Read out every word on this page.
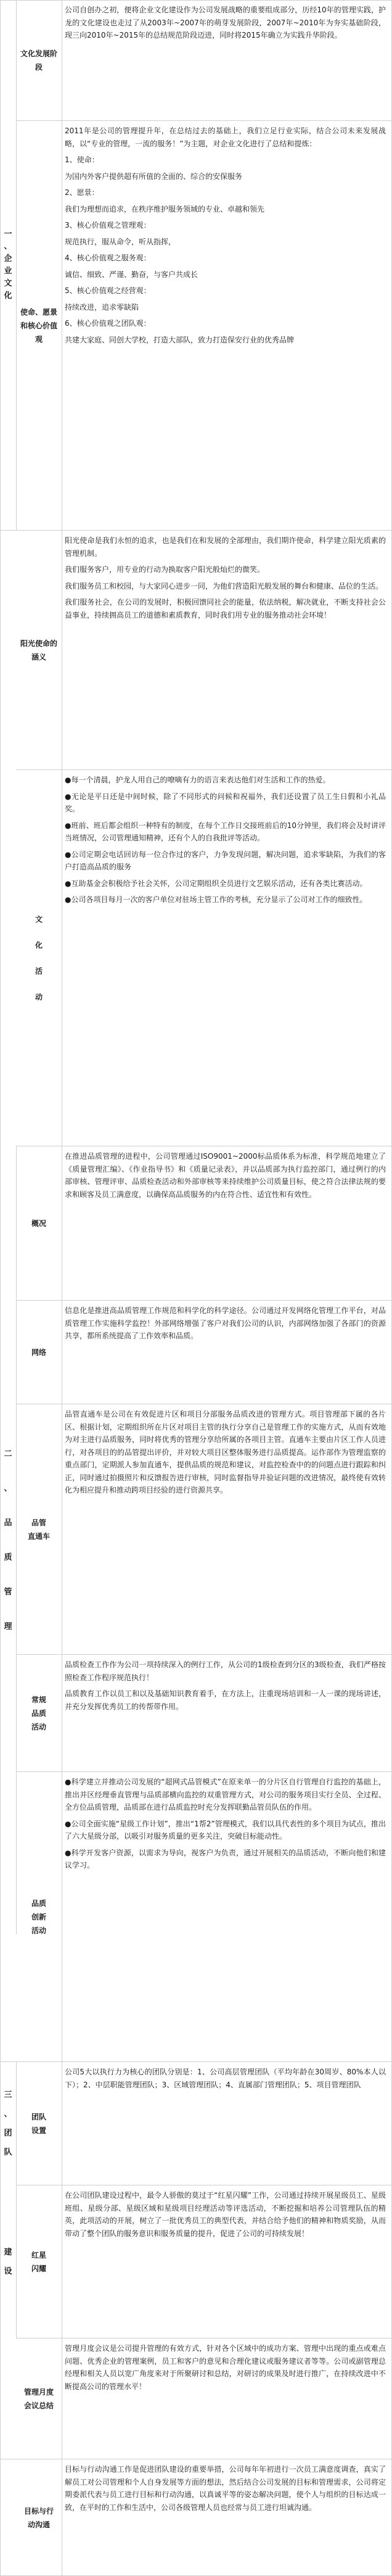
一
、
企
业
文
化
二
、
品
质
管
理
文化发展阶段

公司自创办之初，便将企业文化建设作为公司发展战略的重要组成部分，历经10年的管理实践，护龙的文化建设也走过了从2003年~2007年的萌芽发展阶段，2007年~2010年为夯实基础阶段，现三向2010年~2015年的总结规范阶段迈进，同时将2015年确立为实践升华阶段。

使命、愿景和核心价值观

2011年是公司的管理提升年，在总结过去的基础上，我们立足行业实际，结合公司未来发展战略，以“专业的管理，一流的服务！”为主题，对企业文化进行了总结和提炼：

1、使命：

为国内外客户提供超有所值的全面的、综合的安保服务

2、愿景：

我们为理想而追求，在秩序维护服务领域的专业、卓越和领先

3、核心价值观之管理观：

规范执行，服从命令，听从指挥，

4、核心价值观之服务观：

诚信、细致、严谨、勤奋，与客户共成长

5、核心价值观之经营观：

持续改进，追求零缺陷

6、核心价值观之团队观：

共建大家庭、同创大学校，打造大部队，致力打造保安行业的优秀品牌

阳光使命的涵义

阳光使命是我们永恒的追求，也是我们在和发展的全部理由，我们期许使命，科学建立阳光质素的管理机制。

我们服务客户，用专业的行动为换取客户阳光般灿烂的微笑。

我们服务员工和校园，与大家同心进步一同，为他们营造阳光般发展的舞台和健康、品位的生活。

我们服务社会，在公司的发展时，积极回馈同社会的能量，依法纳税，解决就业，不断支持社会公益事业，持续拥高员工的道德和素质教育，同时我们用专业的服务推动社会环境！

文
化
活
动

●每一个清晨，护龙人用自己的嘹嘀有力的语言来表达他们对生活和工作的热爱。

●无论是平日还是中间时候，除了不同形式的问候和祝福外，我们还设置了员工生日假和小礼品奖。

●班前、班后都会组织一种特有的制度，在每个工作日交接班前后的10分钟里，我们将会及时讲评当班情况，公司管理通知精神，还有个人的自我批评等活动。

●公司定期会电话回访每一位合作过的客户，力争发现问题，解决问题，追求零缺陷，为我们的客户打造高品质的服务

●互助基金会积极给予社会关怀，公司定期组织全员进行文艺娱乐活动，还有各类比赛活动。

●公司各项目每月一次的客户单位对驻场主管工作的考核，充分显示了公司对工作的细致性。

概况

在推进品质管理的进程中，公司管理通过ISO9001~2000标品质体系为标准，科学规范地建立了《质量管理汇编》、《作业指导书》和《质量记录表》，并以品质部为执行监控部门，通过例行的内部审核、管理评审、品质检查活动和外部审核等来持续维护公司质量目标，使之符合法律法规的要求和顾客及员工满意度，以确保高品质服务的内在符合性、适宜性和有效性。

网络

信息化是推进高品质管理工作规范和科学化的科学途径。公司通过开发网络化管理工作平台，对品质管理工作实施科学监控！外部网络增强了客户对我们公司的认识，内部网络加强了各部门的资源共享，都所系统提高了工作效率和品质。

品管
直通车

品管直通车是公司在有效促进片区和项目分部服务品质改进的管理方式。项目管理部下属的各片区、根据计划，定期组织所在片区对项目主管的执行分享自己是管理工作的实施方式，从而有效地为对主进行品质服务，同时将优秀的管理分享给所属的各项目主管。直通车主要由片区工作人员进行，对各项目的的品管提出评价，并对较大项目区整体服务进行品质提高。运作部作为管理监察的重点部门，定期派人参加直通车，提供品质的规范和建议，对监控检查中的的问题点进行跟踪和纠正，同时通过拍摄照片和反馈报告进行审核，同时监督指导并验证问题的改进情况，最终使有效转化为相应提升和推动跨项目经验的进行资源共享。

常规
品质
活动

品质检查工作作为公司一项持续深入的例行工作，从公司的1级检查到分区的3级检查，我们严格按照检查工作程序规范执行！

品质教育工作以员工和以及基础知识教育着手，在方法上，注重现场培训和一人一课的现场讲述，并充分发挥优秀员工的传帮带作用。

品质
创新
活动

●科学建立并推动公司发展的“超网式品管模式”在原来单一的分片区自行管理自行监控的基础上，推出并区经理垂直管理与品质部横向监控的双重管理方式，对公司的服务项目实行全员、全过程、全方位品质管理，品质部在进行品质监控时充分发挥联勤品管员队伍的作用。

●公司全面实施“星级工作计划”，推出“1帮2”管理模式，我们以具代表性的多个项目为试点，推出了六大星级分部，以吸引对服务质量的更多关注，突破目标能动性。

●科学开发客户资源，以需求为导向，视客户为负责，通过开展相关的品质活动，不断向他们和建议学习。

三
、
团
队
团队
设置

公司5大以执行力为核心的团队分别是：1、公司高层管理团队（平均年龄在30周岁、80%本人以下）；2、中层职能管理团队；3、区域管理团队；4、直属部门管理团队；5、项目管理团队

建
设
红星
闪耀

在公司团队建设过程中，最令人骄傲的莫过于“红星闪耀”工作，公司通过持续开展星级员工、星级班组、星级分部、星级区域和星级项目经理活动等评选活动，不断挖掘和培养公司管理队伍的精英，此项活动的开展，树立了一批优秀员工的典型代表，并结合给予他们的精神和物质奖励，从而带动了整个团队的服务意识和服务质量的提升，促进了公司的可持续发展！

管理月度
会议总结

管理月度会议是公司提升管理的有效方式，针对各个区域中的成功方案、管理中出现的重点或难点问题、优秀企业的管理案例，员工和客户的意见和合理化建议或服务建议者等等。公司或副管理总经理和相关人员以宽广角度来对于所聚研讨和总结，对研讨的成果及时进行推广，在持续改进中不断提高公司的管理水平！

目标与行
动沟通

目标与行动沟通工作是促进团队建设的重要举措，公司每年年初进行一次员工满意度调查，真实了解员工对公司管理和个人自身发展等方面的想法，然后结合公司发展的目标和管理需求，公司将定期委派代表与员工进行目标和行动沟通，以真诚平等的姿态解决问题，使个人与组织的目标达成一致，在平时的工作和生活中，公司各级管理人员也经常与员工进行坦诚沟通。
